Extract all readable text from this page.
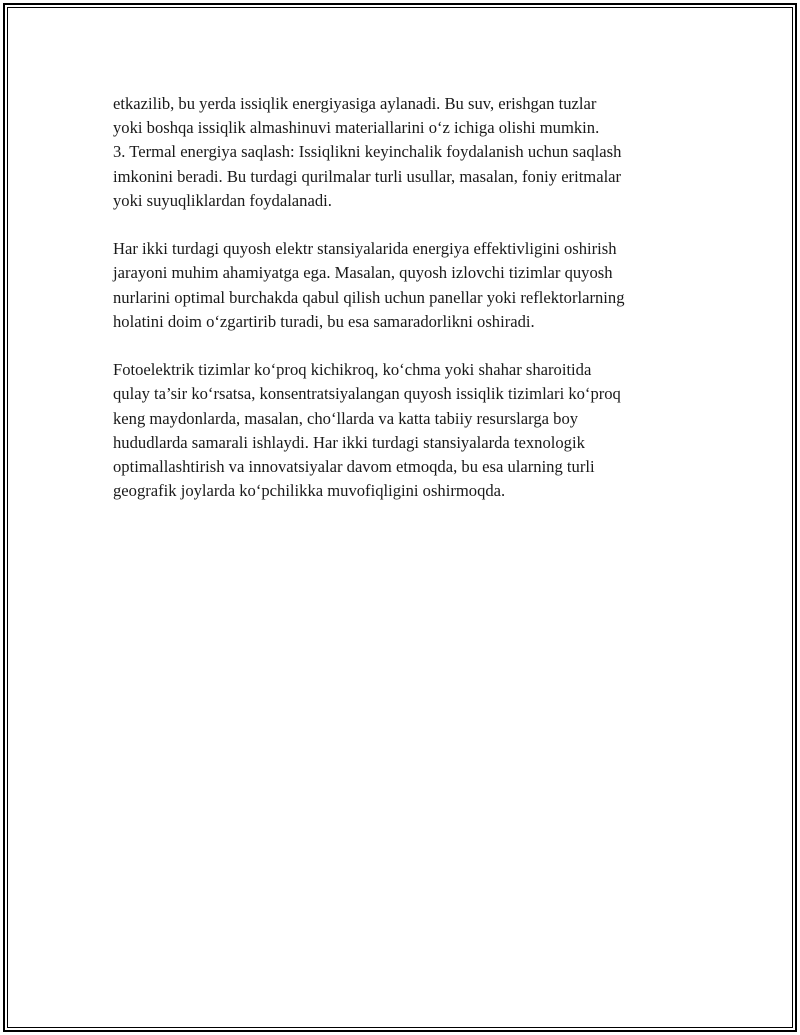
etkazilib, bu yerda issiqlik energiyasiga aylanadi. Bu suv, erishgan tuzlar
yoki boshqa issiqlik almashinuvi materiallarini o‘z ichiga olishi mumkin.
3. Termal energiya saqlash: Issiqlikni keyinchalik foydalanish uchun saqlash
imkonini beradi. Bu turdagi qurilmalar turli usullar, masalan, foniy eritmalar
yoki suyuqliklardan foydalanadi.

Har ikki turdagi quyosh elektr stansiyalarida energiya effektivligini oshirish
jarayoni muhim ahamiyatga ega. Masalan, quyosh izlovchi tizimlar quyosh
nurlarini optimal burchakda qabul qilish uchun panellar yoki reflektorlarning
holatini doim o‘zgartirib turadi, bu esa samaradorlikni oshiradi.

Fotoelektrik tizimlar ko‘proq kichikroq, ko‘chma yoki shahar sharoitida
qulay ta’sir ko‘rsatsa, konsentratsiyalangan quyosh issiqlik tizimlari ko‘proq
keng maydonlarda, masalan, cho‘llarda va katta tabiiy resurslarga boy
hududlarda samarali ishlaydi. Har ikki turdagi stansiyalarda texnologik
optimallashtirish va innovatsiyalar davom etmoqda, bu esa ularning turli
geografik joylarda ko‘pchilikka muvofiqligini oshirmoqda.
